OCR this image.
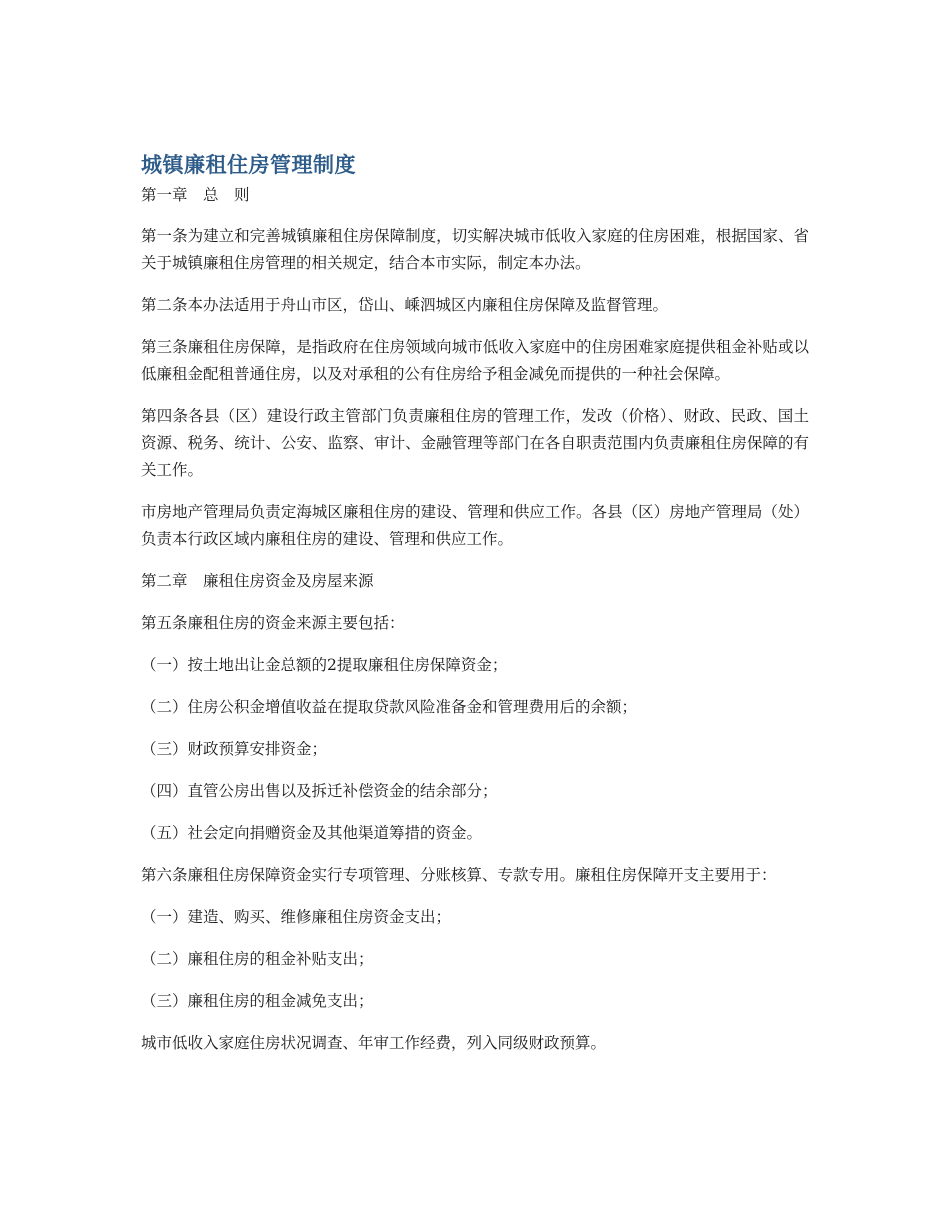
城镇廉租住房管理制度

第一章　总　则

第一条为建立和完善城镇廉租住房保障制度，切实解决城市低收入家庭的住房困难，根据国家、省关于城镇廉租住房管理的相关规定，结合本市实际，制定本办法。

第二条本办法适用于舟山市区，岱山、嵊泗城区内廉租住房保障及监督管理。

第三条廉租住房保障，是指政府在住房领域向城市低收入家庭中的住房困难家庭提供租金补贴或以低廉租金配租普通住房，以及对承租的公有住房给予租金减免而提供的一种社会保障。

第四条各县（区）建设行政主管部门负责廉租住房的管理工作，发改（价格）、财政、民政、国土资源、税务、统计、公安、监察、审计、金融管理等部门在各自职责范围内负责廉租住房保障的有关工作。

市房地产管理局负责定海城区廉租住房的建设、管理和供应工作。各县（区）房地产管理局（处）负责本行政区域内廉租住房的建设、管理和供应工作。

第二章　廉租住房资金及房屋来源

第五条廉租住房的资金来源主要包括：

（一）按土地出让金总额的2提取廉租住房保障资金；

（二）住房公积金增值收益在提取贷款风险准备金和管理费用后的余额；

（三）财政预算安排资金；

（四）直管公房出售以及拆迁补偿资金的结余部分；

（五）社会定向捐赠资金及其他渠道筹措的资金。

第六条廉租住房保障资金实行专项管理、分账核算、专款专用。廉租住房保障开支主要用于：

（一）建造、购买、维修廉租住房资金支出；

（二）廉租住房的租金补贴支出；

（三）廉租住房的租金减免支出；

城市低收入家庭住房状况调查、年审工作经费，列入同级财政预算。
